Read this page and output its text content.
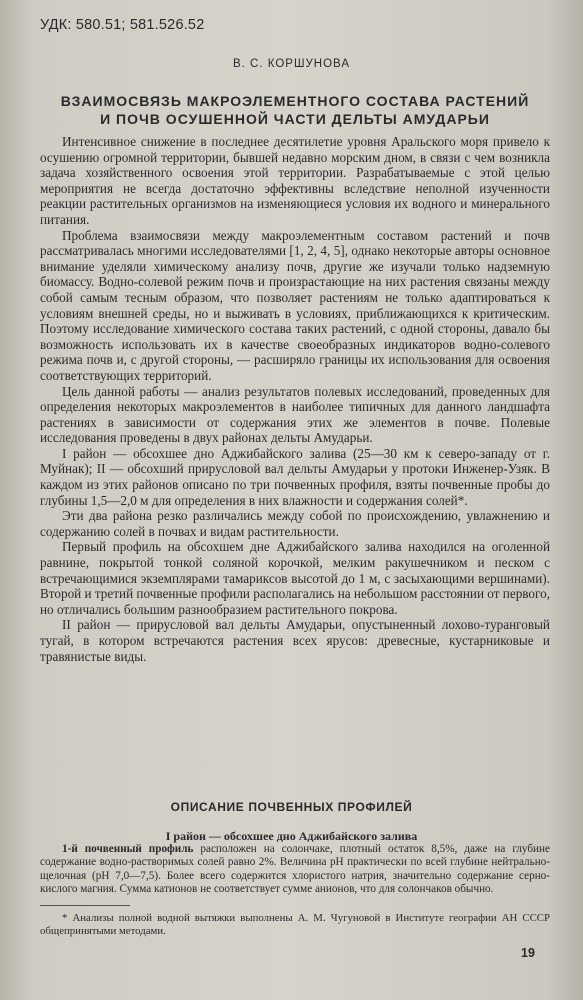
УДК: 580.51; 581.526.52
В. С. КОРШУНОВА
ВЗАИМОСВЯЗЬ МАКРОЭЛЕМЕНТНОГО СОСТАВА РАСТЕНИЙ
И ПОЧВ ОСУШЕННОЙ ЧАСТИ ДЕЛЬТЫ АМУДАРЬИ

Интенсивное снижение в последнее десятилетие уровня Аральского моря привело к осушению огромной территории, бывшей недавно морским дном, в связи с чем возникла задача хозяйственного освоения этой территории. Разрабатываемые с этой целью мероприятия не всегда достаточно эффективны вследствие неполной изученности реакции растительных организмов на изменяющиеся условия их водного и минерального питания.

Проблема взаимосвязи между макроэлементным составом растений и почв рассматривалась многими исследователями [1, 2, 4, 5], однако некоторые авторы основное внимание уделяли химическому анализу почв, другие же изучали только надземную биомассу. Водно-солевой режим почв и произрастающие на них растения связаны между собой самым тесным образом, что позволяет растениям не только адаптироваться к условиям внешней среды, но и выживать в условиях, приближающихся к критическим. Поэтому исследование химического состава таких растений, с одной стороны, давало бы возможность использовать их в качестве своеобразных индикаторов водно-солевого режима почв и, с другой стороны, — расширяло границы их использования для освоения соответствующих территорий.

Цель данной работы — анализ результатов полевых исследований, проведенных для определения некоторых макроэлементов в наиболее типичных для данного ландшафта растениях в зависимости от содержания этих же элементов в почве. Полевые исследования проведены в двух районах дельты Амударьи.

I район — обсохшее дно Аджибайского залива (25—30 км к северо-западу от г. Муйнак); II — обсохший прирусловой вал дельты Амударьи у протоки Инженер-Узяк. В каждом из этих районов описано по три почвенных профиля, взяты почвенные пробы до глубины 1,5—2,0 м для определения в них влажности и содержания солей*.

Эти два района резко различались между собой по происхождению, увлажнению и содержанию солей в почвах и видам растительности.

Первый профиль на обсохшем дне Аджибайского залива находился на оголенной равнине, покрытой тонкой соляной корочкой, мелким ракушечником и песком с встречающимися экземплярами тамариксов высотой до 1 м, с засыхающими вершинами). Второй и третий почвенные профили располагались на небольшом расстоянии от первого, но отличались большим разнообразием растительного покрова.

II район — прирусловой вал дельты Амударьи, опустыненный лохово-туранговый тугай, в котором встречаются растения всех ярусов: древесные, кустарниковые и травянистые виды.

ОПИСАНИЕ ПОЧВЕННЫХ ПРОФИЛЕЙ
I район — обсохшее дно Аджибайского залива

1-й почвенный профиль расположен на солончаке, плотный остаток 8,5%, даже на глубине содержание водно-растворимых солей равно 2%. Величина pH практически по всей глубине нейтрально-щелочная (pH 7,0—7,5). Более всего содержится хлористого натрия, значительно содержание серно-кислого магния. Сумма катионов не соответствует сумме анионов, что для солончаков обычно.

* Анализы полной водной вытяжки выполнены А. М. Чугуновой в Институте географии АН СССР общепринятыми методами.

19
